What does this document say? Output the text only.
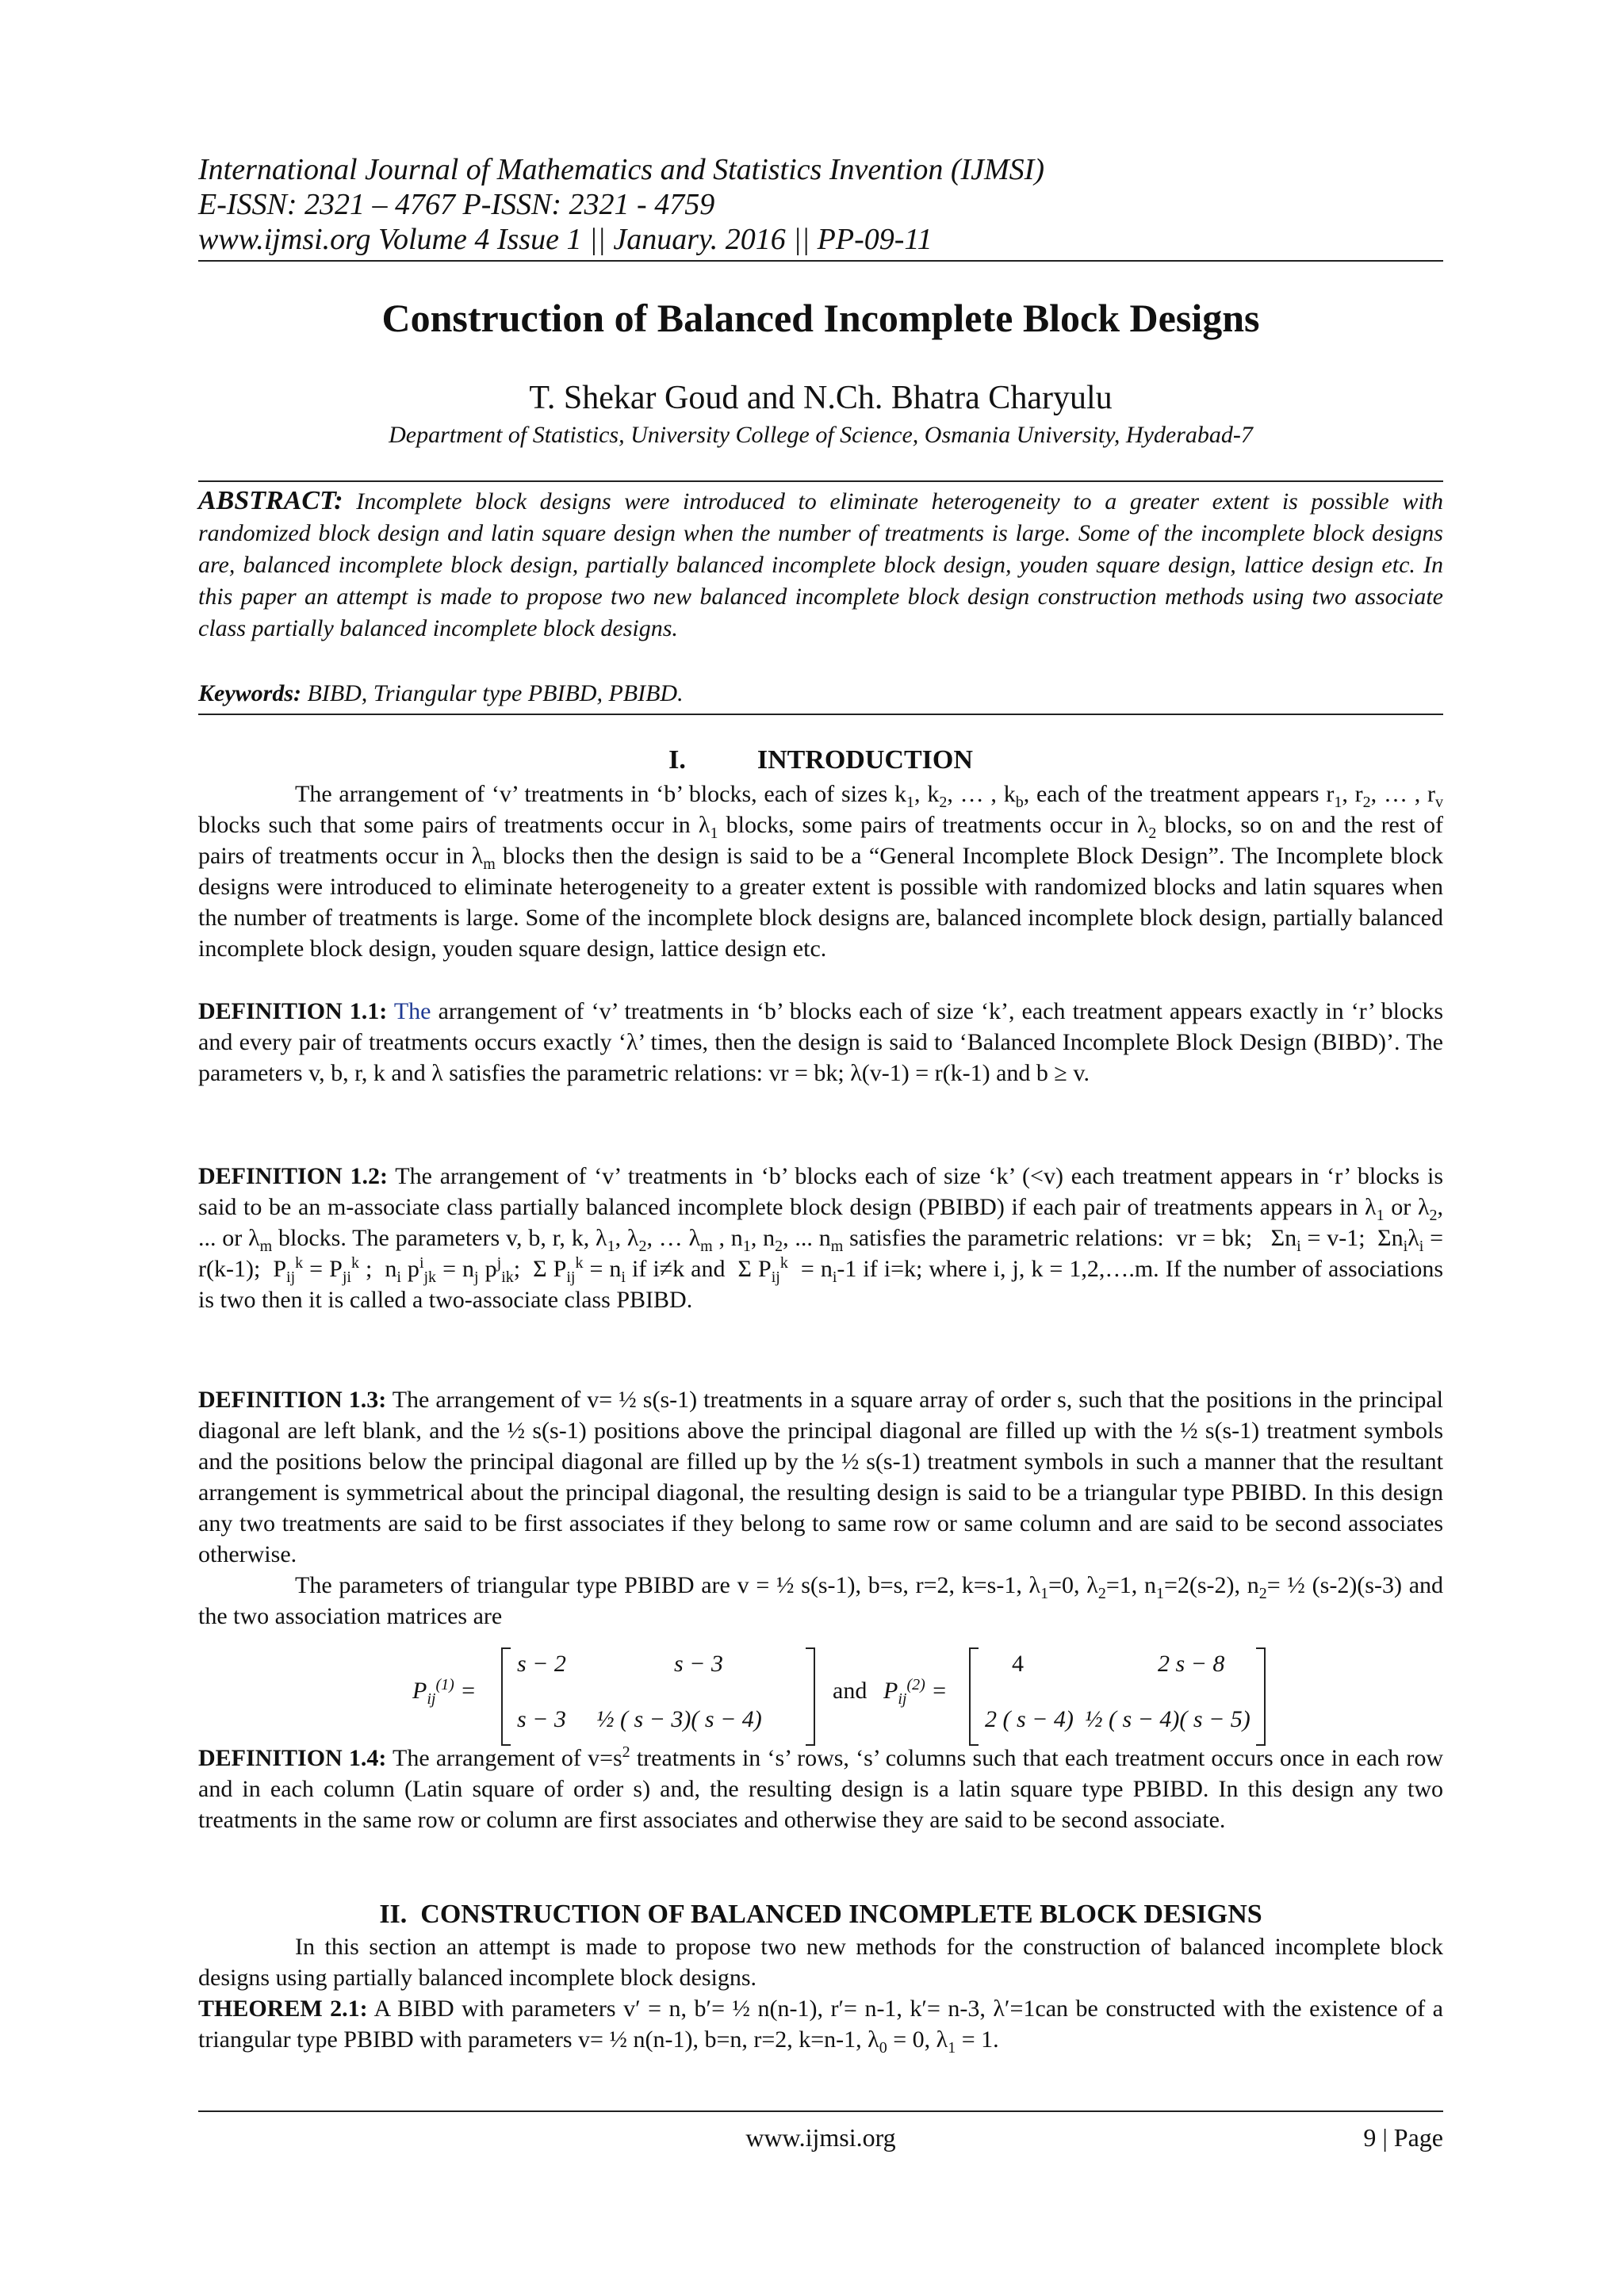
International Journal of Mathematics and Statistics Invention (IJMSI)
E-ISSN: 2321 – 4767 P-ISSN: 2321 - 4759
www.ijmsi.org Volume 4 Issue 1 || January. 2016 || PP-09-11
Construction of Balanced Incomplete Block Designs
T. Shekar Goud and N.Ch. Bhatra Charyulu
Department of Statistics, University College of Science, Osmania University, Hyderabad-7
ABSTRACT: Incomplete block designs were introduced to eliminate heterogeneity to a greater extent is possible with randomized block design and latin square design when the number of treatments is large. Some of the incomplete block designs are, balanced incomplete block design, partially balanced incomplete block design, youden square design, lattice design etc. In this paper an attempt is made to propose two new balanced incomplete block design construction methods using two associate class partially balanced incomplete block designs.
Keywords: BIBD, Triangular type PBIBD, PBIBD.
I.	INTRODUCTION

The arrangement of ‘v’ treatments in ‘b’ blocks, each of sizes $k_1$, $k_2$, … , $k_b$, each of the treatment appears $r_1$, $r_2$, … , $r_v$ blocks such that some pairs of treatments occur in $\lambda_1$ blocks, some pairs of treatments occur in $\lambda_2$ blocks, so on and the rest of pairs of treatments occur in $\lambda_m$ blocks then the design is said to be a “General Incomplete Block Design”. The Incomplete block designs were introduced to eliminate heterogeneity to a greater extent is possible with randomized blocks and latin squares when the number of treatments is large. Some of the incomplete block designs are, balanced incomplete block design, partially balanced incomplete block design, youden square design, lattice design etc.

DEFINITION 1.1: The arrangement of ‘v’ treatments in ‘b’ blocks each of size ‘k’, each treatment appears exactly in ‘r’ blocks and every pair of treatments occurs exactly ‘λ’ times, then the design is said to ‘Balanced Incomplete Block Design (BIBD)’. The parameters v, b, r, k and λ satisfies the parametric relations: vr = bk; λ(v-1) = r(k-1) and b ≥ v.

DEFINITION 1.2: The arrangement of ‘v’ treatments in ‘b’ blocks each of size ‘k’ (<v) each treatment appears in ‘r’ blocks is said to be an m-associate class partially balanced incomplete block design (PBIBD) if each pair of treatments appears in $\lambda_1$ or $\lambda_2$, ... or $\lambda_m$ blocks. The parameters v, b, r, k, $\lambda_1$, $\lambda_2$, … $\lambda_m$ , $n_1$, $n_2$, ... $n_m$ satisfies the parametric relations:  vr = bk;   $\Sigma n_i = v-1$;  $\Sigma n_i\lambda_i = r(k-1)$;  $P_{ij}^k = P_{ji}^k$ ;  $n_i$ $p^i_{jk} = n_j$ $p^j_{ik}$;  Σ $P_{ij}^k = n_i$ if i≠k and  Σ $P_{ij}^k = n_i-1$ if i=k; where i, j, k = 1,2,….m. If the number of associations is two then it is called a two-associate class PBIBD.

DEFINITION 1.3: The arrangement of v= ½ s(s-1) treatments in a square array of order s, such that the positions in the principal diagonal are left blank, and the ½ s(s-1) positions above the principal diagonal are filled up with the ½ s(s-1) treatment symbols and the positions below the principal diagonal are filled up by the ½ s(s-1) treatment symbols in such a manner that the resultant arrangement is symmetrical about the principal diagonal, the resulting design is said to be a triangular type PBIBD. In this design any two treatments are said to be first associates if they belong to same row or same column and are said to be second associates otherwise.

The parameters of triangular type PBIBD are v = ½ s(s-1), b=s, r=2, k=s-1, $\lambda_1=0$, $\lambda_2=1$, $n_1=2(s-2)$, $n_2=$ ½ (s-2)(s-3) and the two association matrices are

$P_{ij}^{(1)}$ =
s − 2	s − 3
s − 3 ½ ( s − 3)( s − 4)
and $P_{ij}^{(2)}$ =
4	2 s − 8
2 ( s − 4) ½ ( s − 4)( s − 5)

DEFINITION 1.4: The arrangement of $v=s^2$ treatments in ‘s’ rows, ‘s’ columns such that each treatment occurs once in each row and in each column (Latin square of order s) and, the resulting design is a latin square type PBIBD. In this design any two treatments in the same row or column are first associates and otherwise they are said to be second associate.

II. CONSTRUCTION OF BALANCED INCOMPLETE BLOCK DESIGNS

In this section an attempt is made to propose two new methods for the construction of balanced incomplete block designs using partially balanced incomplete block designs.

THEOREM 2.1: A BIBD with parameters v′ = n, b′= ½ n(n-1), r′= n-1, k′= n-3, λ′=1can be constructed with the existence of a triangular type PBIBD with parameters v= ½ n(n-1), b=n, r=2, k=n-1, $\lambda_0 = 0$, $\lambda_1 = 1$.

www.ijmsi.org	9 | Page
